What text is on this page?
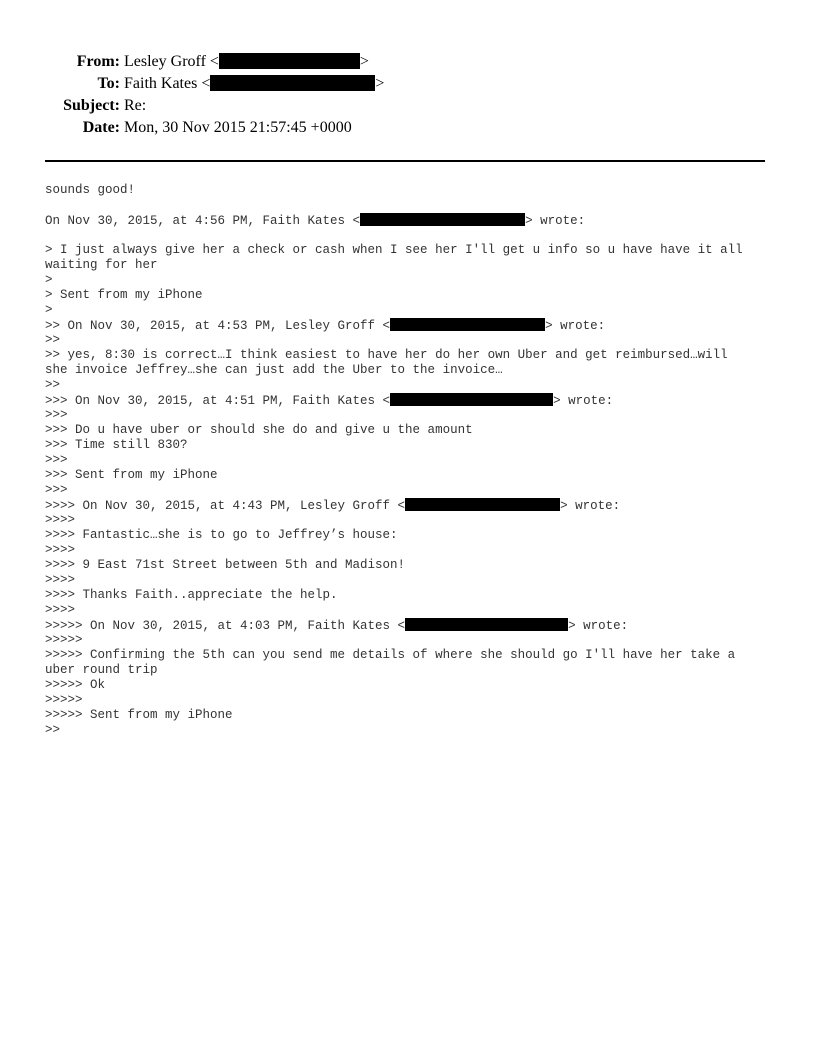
From: Lesley Groff <	>
To: Faith Kates <	>
Subject: Re:
Date: Mon, 30 Nov 2015 21:57:45 +0000
sounds good!
On Nov 30, 2015, at 4:56 PM, Faith Kates <	> wrote:
> I just always give her a check or cash when I see her I'll get u info so u have have it all
waiting for her
>
> Sent from my iPhone
>
>> On Nov 30, 2015, at 4:53 PM, Lesley Groff <	> wrote:
>>
>> yes, 8:30 is correct…I think easiest to have her do her own Uber and get reimbursed…will
she invoice Jeffrey…she can just add the Uber to the invoice…
>>
>>> On Nov 30, 2015, at 4:51 PM, Faith Kates <	> wrote:
>>>
>>> Do u have uber or should she do and give u the amount
>>> Time still 830?
>>>
>>> Sent from my iPhone
>>>
>>>> On Nov 30, 2015, at 4:43 PM, Lesley Groff <	> wrote:
>>>>
>>>> Fantastic…she is to go to Jeffrey’s house:
>>>>
>>>> 9 East 71st Street between 5th and Madison!
>>>>
>>>> Thanks Faith..appreciate the help.
>>>>
>>>>> On Nov 30, 2015, at 4:03 PM, Faith Kates <	> wrote:
>>>>>
>>>>> Confirming the 5th can you send me details of where she should go I'll have her take a
uber round trip
>>>>> Ok
>>>>>
>>>>> Sent from my iPhone
>>
